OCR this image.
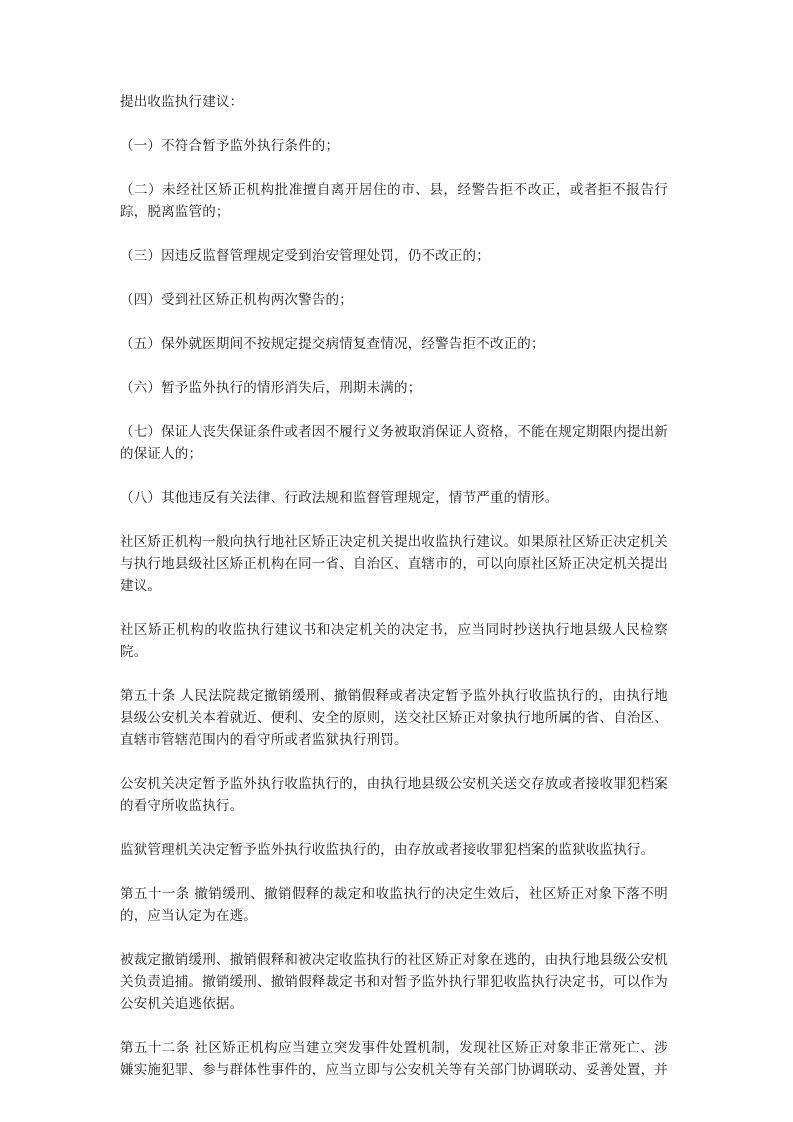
提出收监执行建议：

（一）不符合暂予监外执行条件的；

（二）未经社区矫正机构批准擅自离开居住的市、县，经警告拒不改正，或者拒不报告行踪，脱离监管的；

（三）因违反监督管理规定受到治安管理处罚，仍不改正的；

（四）受到社区矫正机构两次警告的；

（五）保外就医期间不按规定提交病情复查情况，经警告拒不改正的；

（六）暂予监外执行的情形消失后，刑期未满的；

（七）保证人丧失保证条件或者因不履行义务被取消保证人资格，不能在规定期限内提出新的保证人的；

（八）其他违反有关法律、行政法规和监督管理规定，情节严重的情形。

社区矫正机构一般向执行地社区矫正决定机关提出收监执行建议。如果原社区矫正决定机关与执行地县级社区矫正机构在同一省、自治区、直辖市的，可以向原社区矫正决定机关提出建议。

社区矫正机构的收监执行建议书和决定机关的决定书，应当同时抄送执行地县级人民检察院。

第五十条 人民法院裁定撤销缓刑、撤销假释或者决定暂予监外执行收监执行的，由执行地县级公安机关本着就近、便利、安全的原则，送交社区矫正对象执行地所属的省、自治区、直辖市管辖范围内的看守所或者监狱执行刑罚。

公安机关决定暂予监外执行收监执行的，由执行地县级公安机关送交存放或者接收罪犯档案的看守所收监执行。

监狱管理机关决定暂予监外执行收监执行的，由存放或者接收罪犯档案的监狱收监执行。

第五十一条 撤销缓刑、撤销假释的裁定和收监执行的决定生效后，社区矫正对象下落不明的，应当认定为在逃。

被裁定撤销缓刑、撤销假释和被决定收监执行的社区矫正对象在逃的，由执行地县级公安机关负责追捕。撤销缓刑、撤销假释裁定书和对暂予监外执行罪犯收监执行决定书，可以作为公安机关追逃依据。

第五十二条 社区矫正机构应当建立突发事件处置机制，发现社区矫正对象非正常死亡、涉嫌实施犯罪、参与群体性事件的，应当立即与公安机关等有关部门协调联动、妥善处置，并
